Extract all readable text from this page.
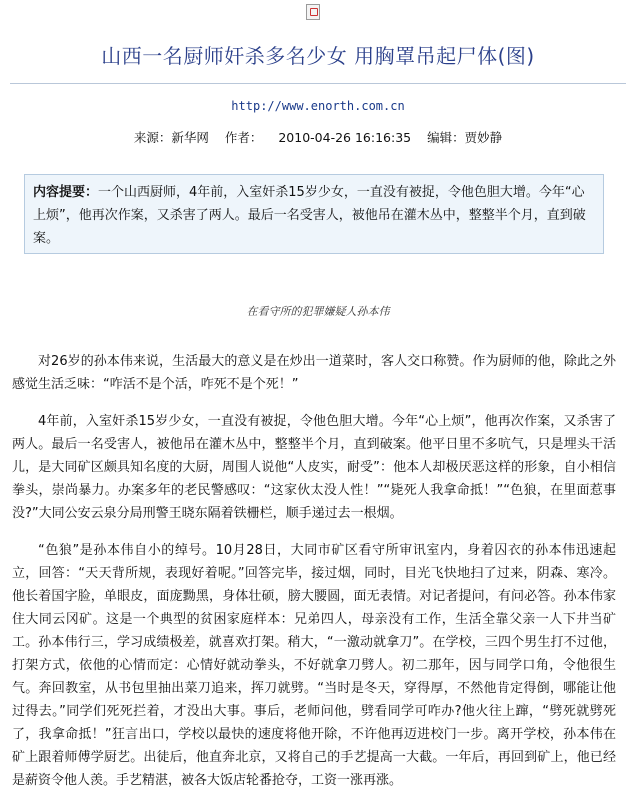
山西一名厨师奸杀多名少女 用胸罩吊起尸体(图)
http://www.enorth.com.cn
来源：新华网 作者： 2010-04-26 16:16:35 编辑：贾妙静
内容提要：一个山西厨师，4年前，入室奸杀15岁少女，一直没有被捉，令他色胆大增。今年“心上烦”，他再次作案，又杀害了两人。最后一名受害人，被他吊在灌木丛中，整整半个月，直到破案。
在看守所的犯罪嫌疑人孙本伟

对26岁的孙本伟来说，生活最大的意义是在炒出一道菜时，客人交口称赞。作为厨师的他，除此之外感觉生活乏味：“咋活不是个活，咋死不是个死！”

4年前，入室奸杀15岁少女，一直没有被捉，令他色胆大增。今年“心上烦”，他再次作案，又杀害了两人。最后一名受害人，被他吊在灌木丛中，整整半个月，直到破案。他平日里不多吭气，只是埋头干活儿，是大同矿区颇具知名度的大厨，周围人说他“人皮实，耐受”：他本人却极厌恶这样的形象，自小相信拳头，崇尚暴力。办案多年的老民警感叹：“这家伙太没人性！”“毙死人我拿命抵！”“色狼，在里面惹事没?”大同公安云泉分局刑警王晓东隔着铁栅栏，顺手递过去一根烟。

“色狼”是孙本伟自小的绰号。10月28日，大同市矿区看守所审讯室内，身着囚衣的孙本伟迅速起立，回答：“天天背所规，表现好着呢。”回答完毕，接过烟，同时，目光飞快地扫了过来，阴森、寒冷。他长着国字脸，单眼皮，面庞黝黑，身体壮硕，膀大腰圆，面无表情。对记者提问，有问必答。孙本伟家住大同云冈矿。这是一个典型的贫困家庭样本：兄弟四人，母亲没有工作，生活全靠父亲一人下井当矿工。孙本伟行三，学习成绩极差，就喜欢打架。稍大，“一激动就拿刀”。在学校，三四个男生打不过他，打架方式，依他的心情而定：心情好就动拳头，不好就拿刀劈人。初二那年，因与同学口角，令他很生气。奔回教室，从书包里抽出菜刀追来，挥刀就劈。“当时是冬天，穿得厚，不然他肯定得倒，哪能让他过得去。”同学们死死拦着，才没出大事。事后，老师问他，劈看同学可咋办?他火往上蹿，“劈死就劈死了，我拿命抵！”狂言出口，学校以最快的速度将他开除，不许他再迈进校门一步。离开学校，孙本伟在矿上跟着师傅学厨艺。出徒后，他直奔北京，又将自己的手艺提高一大截。一年后，再回到矿上，他已经是薪资令他人羡。手艺精湛，被各大饭店轮番抢夺，工资一涨再涨。
